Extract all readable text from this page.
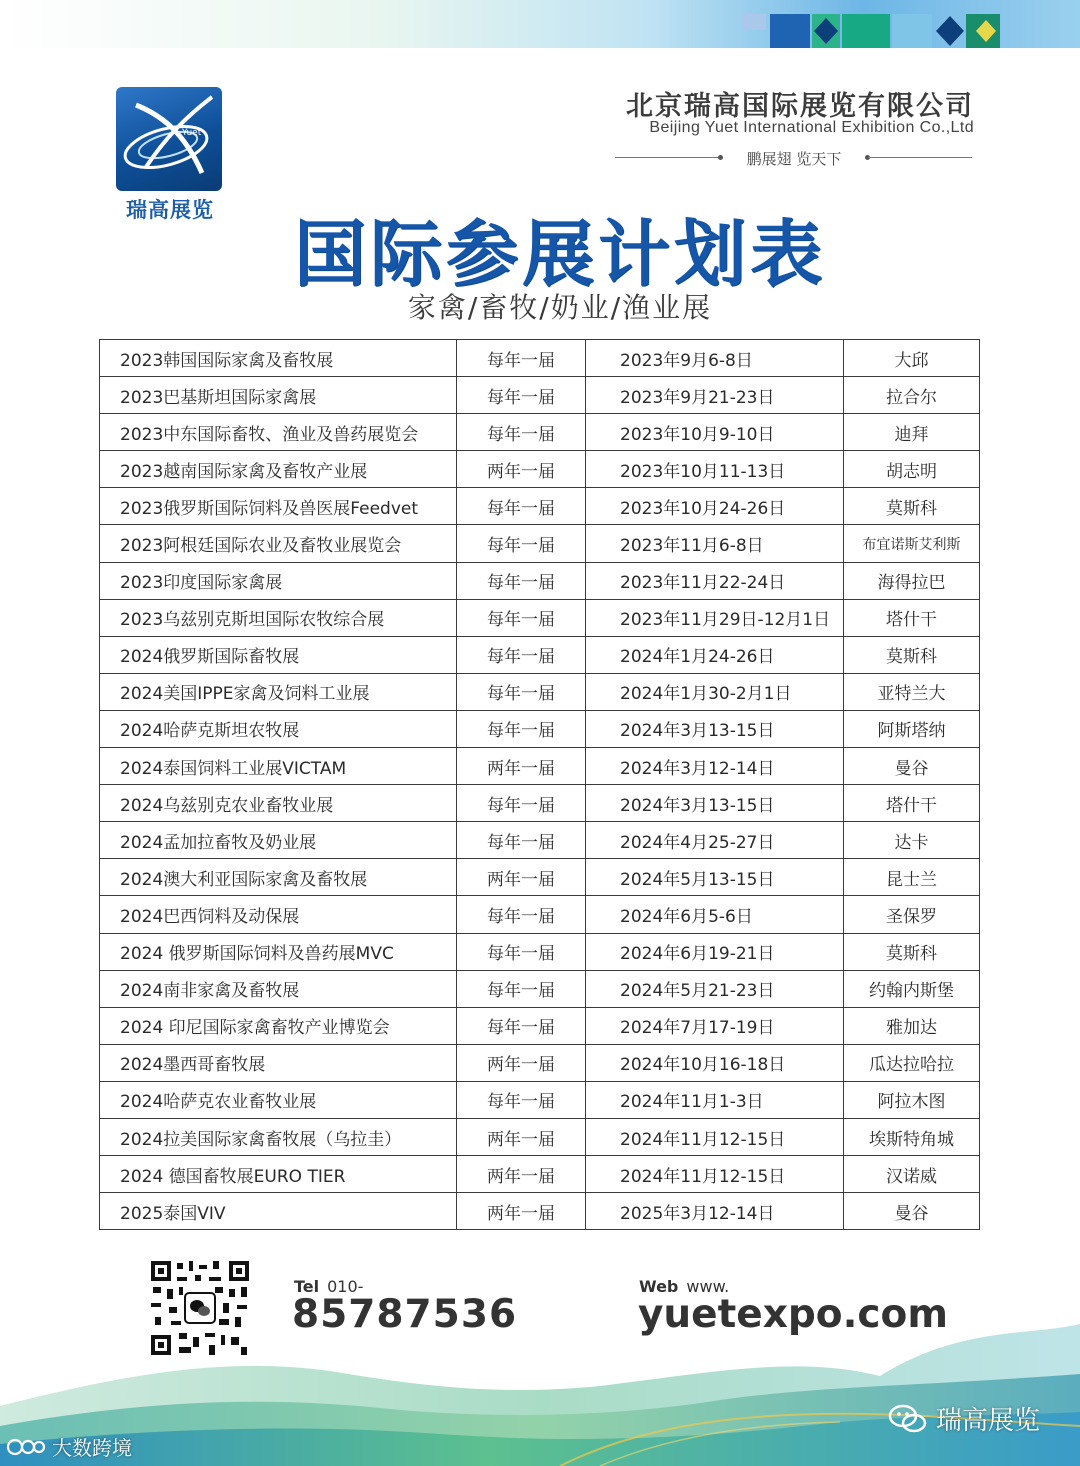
Yuet
瑞高展览
北京瑞高国际展览有限公司
Beijing Yuet International Exhibition Co.,Ltd
鹏展翅 览天下
国际参展计划表
家禽/畜牧/奶业/渔业展
2023韩国国际家禽及畜牧展	每年一届	2023年9月6-8日	大邱
2023巴基斯坦国际家禽展	每年一届	2023年9月21-23日	拉合尔
2023中东国际畜牧、渔业及兽药展览会	每年一届	2023年10月9-10日	迪拜
2023越南国际家禽及畜牧产业展	两年一届	2023年10月11-13日	胡志明
2023俄罗斯国际饲料及兽医展Feedvet	每年一届	2023年10月24-26日	莫斯科
2023阿根廷国际农业及畜牧业展览会	每年一届	2023年11月6-8日	布宜诺斯艾利斯
2023印度国际家禽展	每年一届	2023年11月22-24日	海得拉巴
2023乌兹别克斯坦国际农牧综合展	每年一届	2023年11月29日-12月1日	塔什干
2024俄罗斯国际畜牧展	每年一届	2024年1月24-26日	莫斯科
2024美国IPPE家禽及饲料工业展	每年一届	2024年1月30-2月1日	亚特兰大
2024哈萨克斯坦农牧展	每年一届	2024年3月13-15日	阿斯塔纳
2024泰国饲料工业展VICTAM	两年一届	2024年3月12-14日	曼谷
2024乌兹别克农业畜牧业展	每年一届	2024年3月13-15日	塔什干
2024孟加拉畜牧及奶业展	每年一届	2024年4月25-27日	达卡
2024澳大利亚国际家禽及畜牧展	两年一届	2024年5月13-15日	昆士兰
2024巴西饲料及动保展	每年一届	2024年6月5-6日	圣保罗
2024 俄罗斯国际饲料及兽药展MVC	每年一届	2024年6月19-21日	莫斯科
2024南非家禽及畜牧展	每年一届	2024年5月21-23日	约翰内斯堡
2024 印尼国际家禽畜牧产业博览会	每年一届	2024年7月17-19日	雅加达
2024墨西哥畜牧展	两年一届	2024年10月16-18日	瓜达拉哈拉
2024哈萨克农业畜牧业展	每年一届	2024年11月1-3日	阿拉木图
2024拉美国际家禽畜牧展（乌拉圭）	两年一届	2024年11月12-15日	埃斯特角城
2024 德国畜牧展EURO TIER	两年一届	2024年11月12-15日	汉诺威
2025泰国VIV	两年一届	2025年3月12-14日	曼谷
Tel 010-
85787536
Web www.
yuetexpo.com
瑞高展览
大数跨境
